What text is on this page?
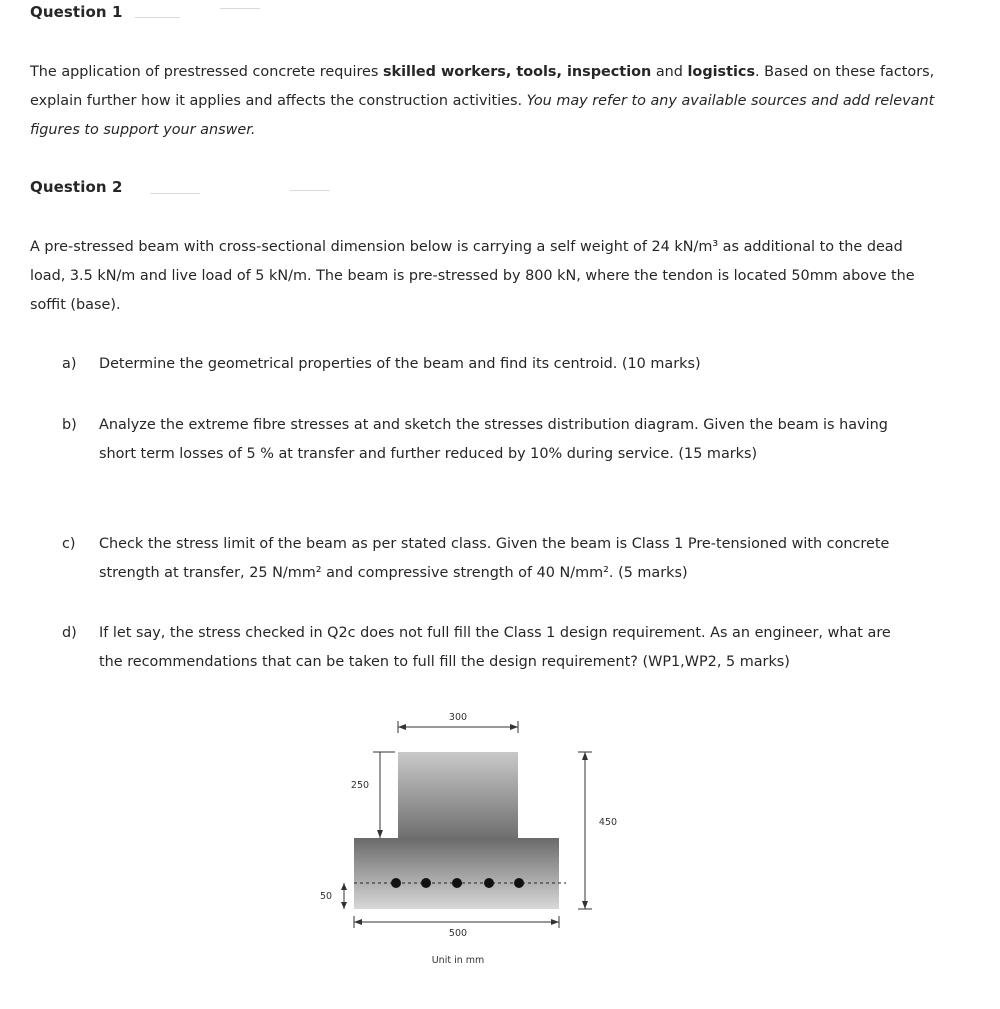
Question 1
The application of prestressed concrete requires skilled workers, tools, inspection and logistics. Based on these factors, explain further how it applies and affects the construction activities. You may refer to any available sources and add relevant figures to support your answer.
Question 2
A pre-stressed beam with cross-sectional dimension below is carrying a self weight of 24 kN/m³ as additional to the dead load, 3.5 kN/m and live load of 5 kN/m. The beam is pre-stressed by 800 kN, where the tendon is located 50mm above the soffit (base).
a) Determine the geometrical properties of the beam and find its centroid. (10 marks)
b) Analyze the extreme fibre stresses at and sketch the stresses distribution diagram. Given the beam is having short term losses of 5 % at transfer and further reduced by 10% during service. (15 marks)
c) Check the stress limit of the beam as per stated class. Given the beam is Class 1 Pre-tensioned with concrete strength at transfer, 25 N/mm² and compressive strength of 40 N/mm². (5 marks)
d) If let say, the stress checked in Q2c does not full fill the Class 1 design requirement. As an engineer, what are the recommendations that can be taken to full fill the design requirement? (WP1,WP2, 5 marks)
300
250
450
50
500
Unit in mm
